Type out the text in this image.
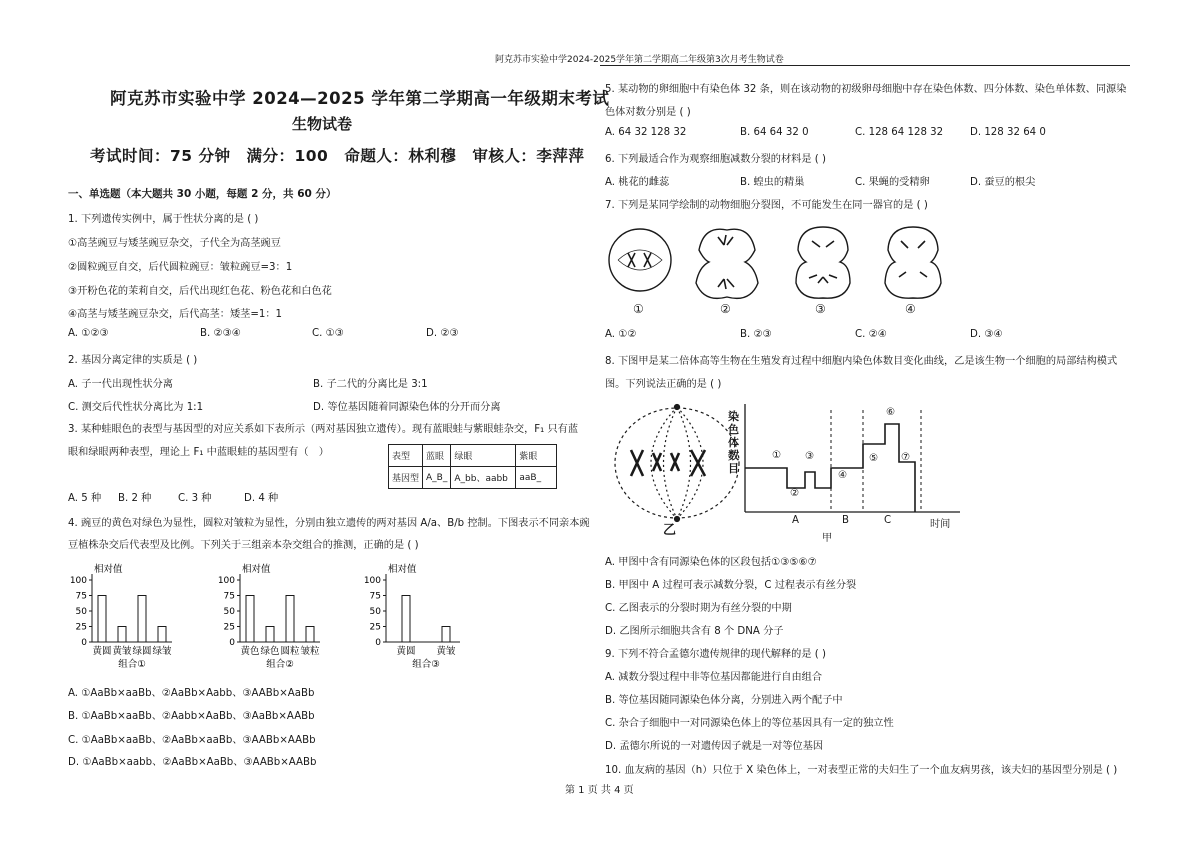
阿克苏市实验中学2024-2025学年第二学期高二年级第3次月考生物试卷
阿克苏市实验中学 2024—2025 学年第二学期高一年级期末考试
生物试卷
考试时间：75 分钟　满分：100　命题人：林利穆　审核人：李萍萍
一、单选题（本大题共 30 小题，每题 2 分，共 60 分）
1. 下列遗传实例中，属于性状分离的是 ( )
①高茎豌豆与矮茎豌豆杂交，子代全为高茎豌豆
②圆粒豌豆自交，后代圆粒豌豆：皱粒豌豆=3：1
③开粉色花的茉莉自交，后代出现红色花、粉色花和白色花
④高茎与矮茎豌豆杂交，后代高茎：矮茎=1：1
A. ①②③	B. ②③④	C. ①③	D. ②③
2. 基因分离定律的实质是 ( )
A. 子一代出现性状分离	B. 子二代的分离比是 3:1
C. 测交后代性状分离比为 1:1	D. 等位基因随着同源染色体的分开而分离
3. 某种蛙眼色的表型与基因型的对应关系如下表所示（两对基因独立遗传）。现有蓝眼蛙与紫眼蛙杂交，F₁ 只有蓝
眼和绿眼两种表型，理论上 F₁ 中蓝眼蛙的基因型有（　）	表型	蓝眼	绿眼	紫眼
基因型	A_B_	A_bb、aabb	aaB_
A. 5 种 B. 2 种	C. 3 种	D. 4 种
4. 豌豆的黄色对绿色为显性，圆粒对皱粒为显性，分别由独立遗传的两对基因 A/a、B/b 控制。下图表示不同亲本豌
豆植株杂交后代表型及比例。下列关于三组亲本杂交组合的推测，正确的是 ( )
相对值
0
25
50
75
100
黄圆 黄皱 绿圆 绿皱
组合①
相对值
0
25
50
75
100
黄色 绿色 圆粒 皱粒
组合②
相对值
0
25
50
75
100
黄圆 黄皱
组合③
A. ①AaBb×aaBb、②AaBb×Aabb、③AABb×AaBb
B. ①AaBb×aaBb、②Aabb×AaBb、③AaBb×AABb
C. ①AaBb×aaBb、②AaBb×aaBb、③AABb×AABb
D. ①AaBb×aabb、②AaBb×AaBb、③AABb×AABb
5. 某动物的卵细胞中有染色体 32 条，则在该动物的初级卵母细胞中存在染色体数、四分体数、染色单体数、同源染
色体对数分别是 ( )
A. 64 32 128 32	B. 64 64 32 0	C. 128 64 128 32	D. 128 32 64 0
6. 下列最适合作为观察细胞减数分裂的材料是 ( )
A. 桃花的雌蕊	B. 蝗虫的精巢	C. 果蝇的受精卵	D. 蚕豆的根尖
7. 下列是某同学绘制的动物细胞分裂图，不可能发生在同一器官的是 ( )
①	②	③	④
A. ①②	B. ②③	C. ②④	D. ③④
8. 下图甲是某二倍体高等生物在生殖发育过程中细胞内染色体数目变化曲线，乙是该生物一个细胞的局部结构模式
图。下列说法正确的是 ( )
乙
染色体数目
①
②
③
④
⑤
⑥
⑦
A	B	C	时间
甲
A. 甲图中含有同源染色体的区段包括①③⑤⑥⑦
B. 甲图中 A 过程可表示减数分裂，C 过程表示有丝分裂
C. 乙图表示的分裂时期为有丝分裂的中期
D. 乙图所示细胞共含有 8 个 DNA 分子
9. 下列不符合孟德尔遗传规律的现代解释的是 ( )
A. 减数分裂过程中非等位基因都能进行自由组合
B. 等位基因随同源染色体分离，分别进入两个配子中
C. 杂合子细胞中一对同源染色体上的等位基因具有一定的独立性
D. 孟德尔所说的一对遗传因子就是一对等位基因
10. 血友病的基因（h）只位于 X 染色体上，一对表型正常的夫妇生了一个血友病男孩，该夫妇的基因型分别是 ( )
第 1 页 共 4 页
